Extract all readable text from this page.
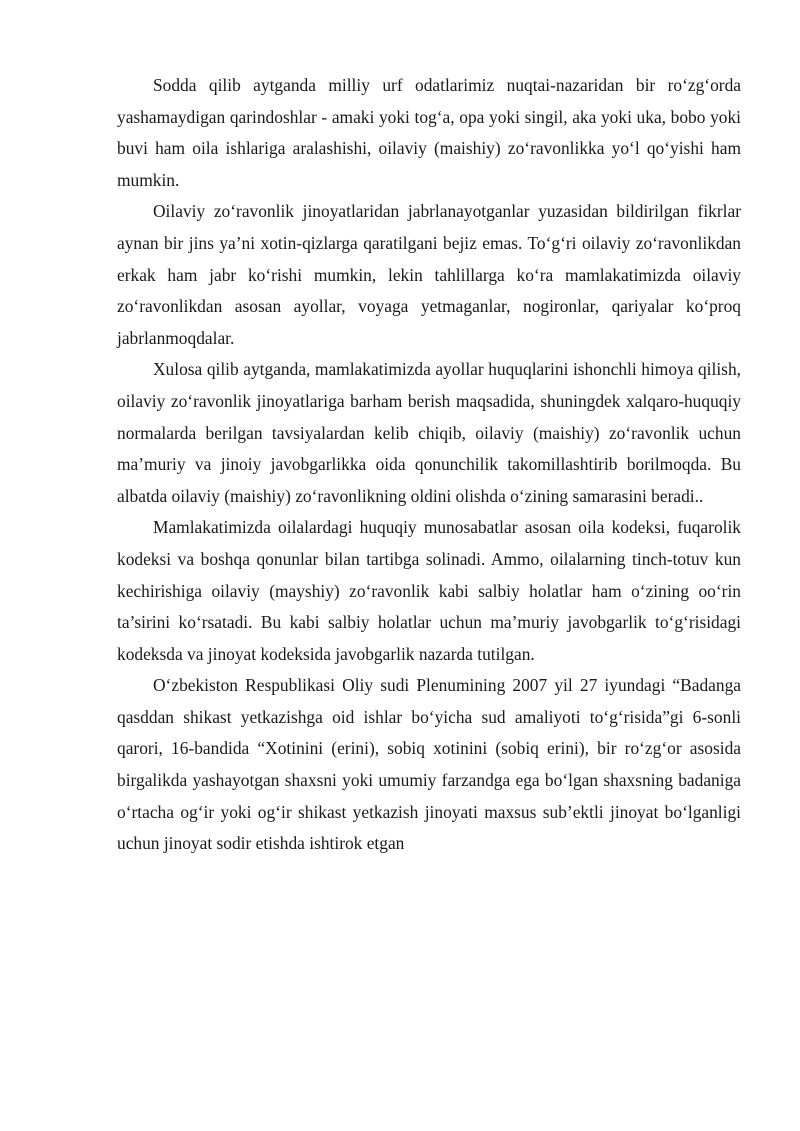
Sodda qilib aytganda milliy urf odatlarimiz nuqtai-nazaridan bir ro‘zg‘orda yashamaydigan qarindoshlar - amaki yoki tog‘a, opa yoki singil, aka yoki uka, bobo yoki buvi ham oila ishlariga aralashishi, oilaviy (maishiy) zo‘ravonlikka yo‘l qo‘yishi ham mumkin.

Oilaviy zo‘ravonlik jinoyatlaridan jabrlanayotganlar yuzasidan bildirilgan fikrlar aynan bir jins ya’ni xotin-qizlarga qaratilgani bejiz emas. To‘g‘ri oilaviy zo‘ravonlikdan erkak ham jabr ko‘rishi mumkin, lekin tahlillarga ko‘ra mamlakatimizda oilaviy zo‘ravonlikdan asosan ayollar, voyaga yetmaganlar, nogironlar, qariyalar ko‘proq jabrlanmoqdalar.

Xulosa qilib aytganda, mamlakatimizda ayollar huquqlarini ishonchli himoya qilish, oilaviy zo‘ravonlik jinoyatlariga barham berish maqsadida, shuningdek xalqaro-huquqiy normalarda berilgan tavsiyalardan kelib chiqib, oilaviy (maishiy) zo‘ravonlik uchun ma’muriy va jinoiy javobgarlikka oida qonunchilik takomillashtirib borilmoqda. Bu albatda oilaviy (maishiy) zo‘ravonlikning oldini olishda o‘zining samarasini beradi..

Mamlakatimizda oilalardagi huquqiy munosabatlar asosan oila kodeksi, fuqarolik kodeksi va boshqa qonunlar bilan tartibga solinadi. Ammo, oilalarning tinch-totuv kun kechirishiga oilaviy (mayshiy) zo‘ravonlik kabi salbiy holatlar ham o‘zining oo‘rin ta’sirini ko‘rsatadi. Bu kabi salbiy holatlar uchun ma’muriy javobgarlik to‘g‘risidagi kodeksda va jinoyat kodeksida javobgarlik nazarda tutilgan.

O‘zbekiston Respublikasi Oliy sudi Plenumining 2007 yil 27 iyundagi “Badanga qasddan shikast yetkazishga oid ishlar bo‘yicha sud amaliyoti to‘g‘risida”gi 6-sonli qarori, 16-bandida “Xotinini (erini), sobiq xotinini (sobiq erini), bir ro‘zg‘or asosida birgalikda yashayotgan shaxsni yoki umumiy farzandga ega bo‘lgan shaxsning badaniga o‘rtacha og‘ir yoki og‘ir shikast yetkazish jinoyati maxsus sub’ektli jinoyat bo‘lganligi uchun jinoyat sodir etishda ishtirok etgan
